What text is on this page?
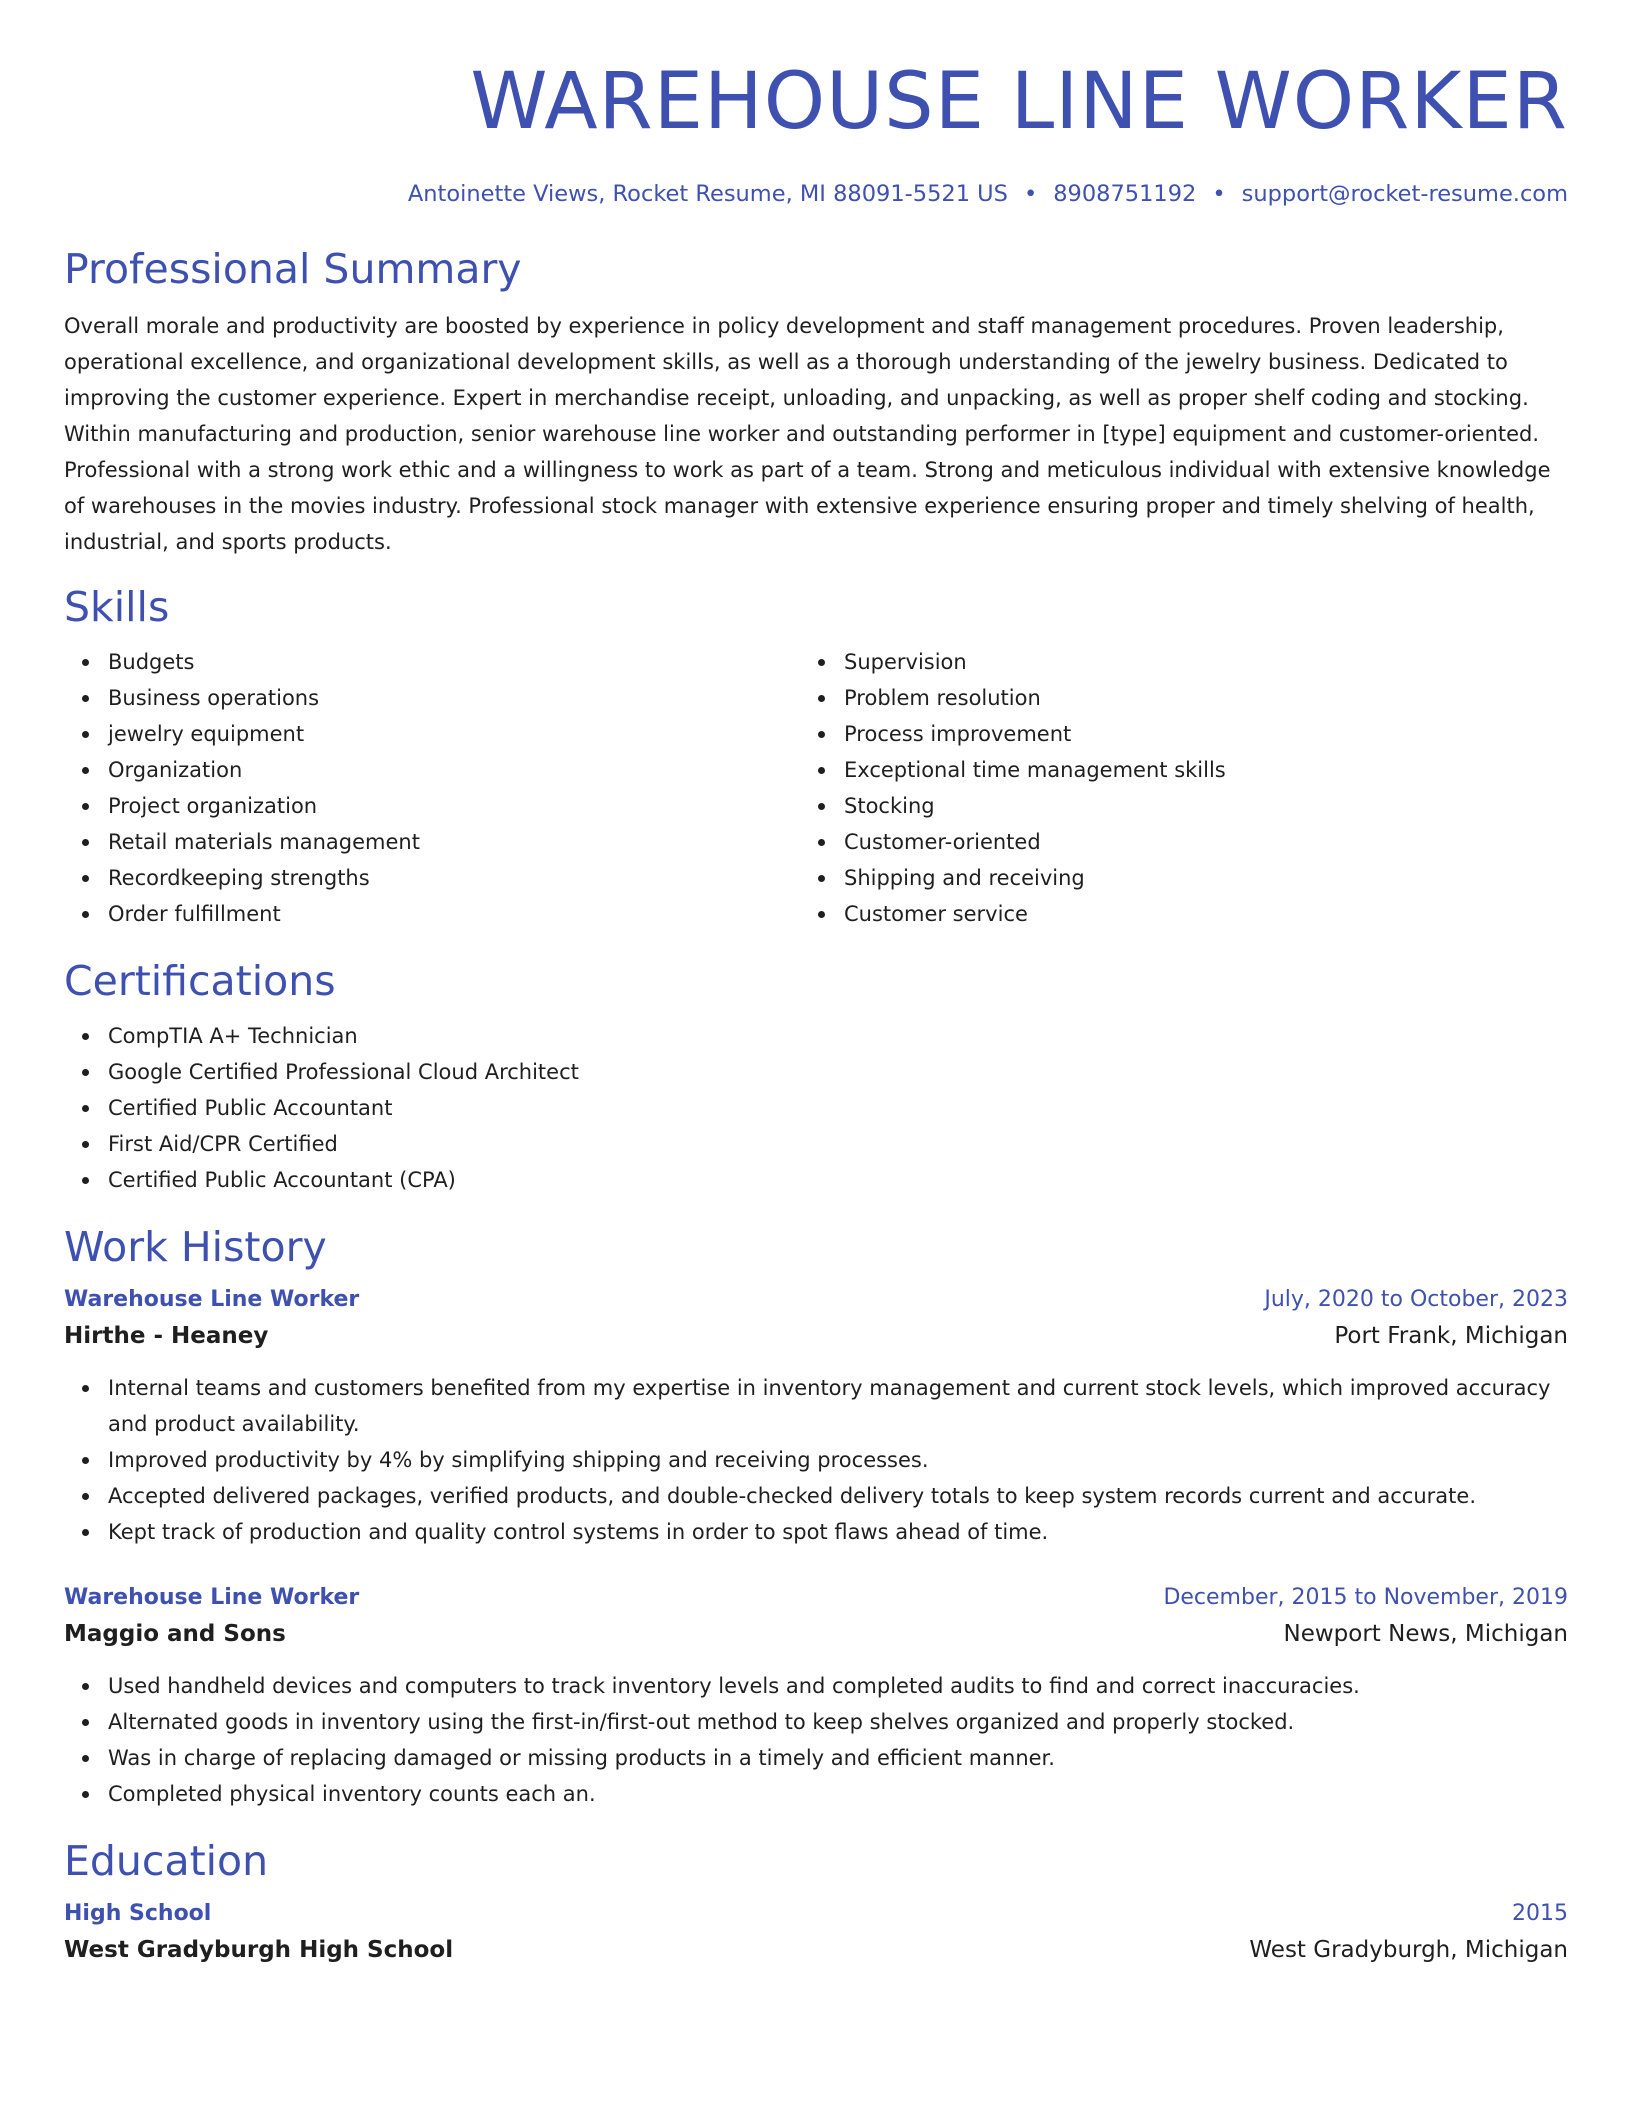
WAREHOUSE LINE WORKER
Antoinette Views, Rocket Resume, MI 88091-5521 US • 8908751192 • support@rocket-resume.com
Professional Summary

Overall morale and productivity are boosted by experience in policy development and staff management procedures. Proven leadership, operational excellence, and organizational development skills, as well as a thorough understanding of the jewelry business. Dedicated to improving the customer experience. Expert in merchandise receipt, unloading, and unpacking, as well as proper shelf coding and stocking. Within manufacturing and production, senior warehouse line worker and outstanding performer in [type] equipment and customer-oriented. Professional with a strong work ethic and a willingness to work as part of a team. Strong and meticulous individual with extensive knowledge of warehouses in the movies industry. Professional stock manager with extensive experience ensuring proper and timely shelving of health, industrial, and sports products.

Skills
Budgets
Business operations
jewelry equipment
Organization
Project organization
Retail materials management
Recordkeeping strengths
Order fulfillment
Supervision
Problem resolution
Process improvement
Exceptional time management skills
Stocking
Customer-oriented
Shipping and receiving
Customer service
Certifications
CompTIA A+ Technician
Google Certified Professional Cloud Architect
Certified Public Accountant
First Aid/CPR Certified
Certified Public Accountant (CPA)
Work History
Warehouse Line Worker	July, 2020 to October, 2023
Hirthe - Heaney	Port Frank, Michigan
Internal teams and customers benefited from my expertise in inventory management and current stock levels, which improved accuracy and product availability.
Improved productivity by 4% by simplifying shipping and receiving processes.
Accepted delivered packages, verified products, and double-checked delivery totals to keep system records current and accurate.
Kept track of production and quality control systems in order to spot flaws ahead of time.
Warehouse Line Worker	December, 2015 to November, 2019
Maggio and Sons	Newport News, Michigan
Used handheld devices and computers to track inventory levels and completed audits to find and correct inaccuracies.
Alternated goods in inventory using the first-in/first-out method to keep shelves organized and properly stocked.
Was in charge of replacing damaged or missing products in a timely and efficient manner.
Completed physical inventory counts each an.
Education
High School	2015
West Gradyburgh High School	West Gradyburgh, Michigan
